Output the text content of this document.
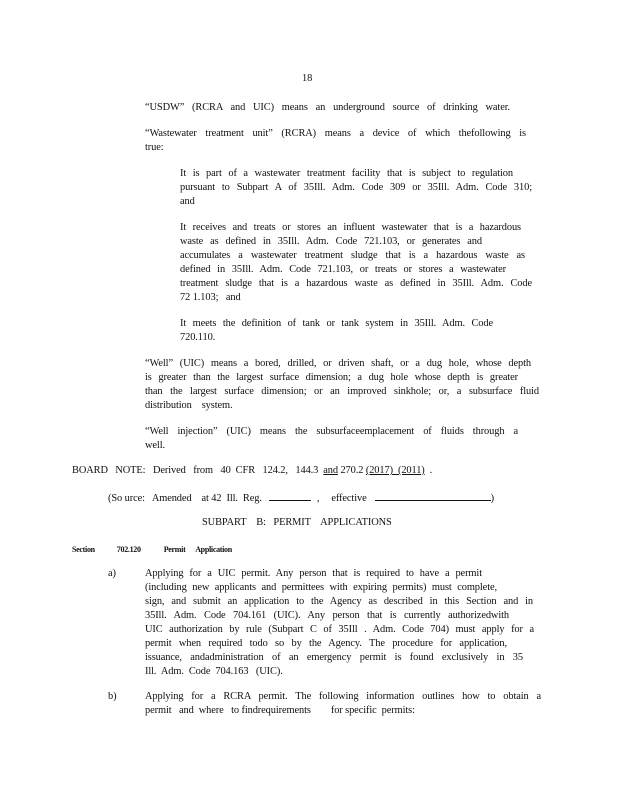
18
“USDW” (RCRA and UIC) means an underground source of drinking water.
“Wastewater treatment unit” (RCRA) means a device of which thefollowing is
true:
It is part of a wastewater treatment facility that is subject to regulation
pursuant to Subpart A of 35Ill. Adm. Code 309 or 35Ill. Adm. Code 310;
and
It receives and treats or stores an influent wastewater that is a hazardous
waste as defined in 35Ill. Adm. Code 721.103, or generates and
accumulates a wastewater treatment sludge that is a hazardous waste as
defined in 35Ill. Adm. Code 721.103, or treats or stores a wastewater
treatment sludge that is a hazardous waste as defined in 35Ill. Adm. Code
72 1.103;   and
It meets the definition of tank or tank system in 35Ill. Adm. Code
720.110.
“Well” (UIC) means a bored, drilled, or driven shaft, or a dug hole, whose depth
is greater than the largest surface dimension; a dug hole whose depth is greater
than the largest surface dimension; or an improved sinkhole; or, a subsurface fluid
distribution    system.
“Well injection” (UIC) means the subsurfaceemplacement of fluids through a
well.
BOARD   NOTE:   Derived   from   40  CFR   124.2,   144.3  and 270.2 (2017) (2011)  .
(So urce:   Amended    at 42  Ill.  Reg.	, effective	)
SUBPART    B:   PERMIT    APPLICATIONS
Section	702.120	Permit      Application
a)	Applying for a UIC permit. Any person that is required to have a permit
(including new applicants and permittees with expiring permits) must complete,
sign, and submit an application to the Agency as described in this Section and in
35Ill. Adm. Code 704.161 (UIC). Any person that is currently authorizedwith
UIC authorization by rule (Subpart C of 35Ill . Adm. Code 704) must apply for a
permit when required todo so by the Agency. The procedure for application,
issuance, andadministration of an emergency permit is found exclusively in 35
Ill.  Adm.  Code  704.163   (UIC).
b)	Applying for a RCRA permit. The following information outlines how to obtain a
permit   and  where   to findrequirements        for specific  permits:
